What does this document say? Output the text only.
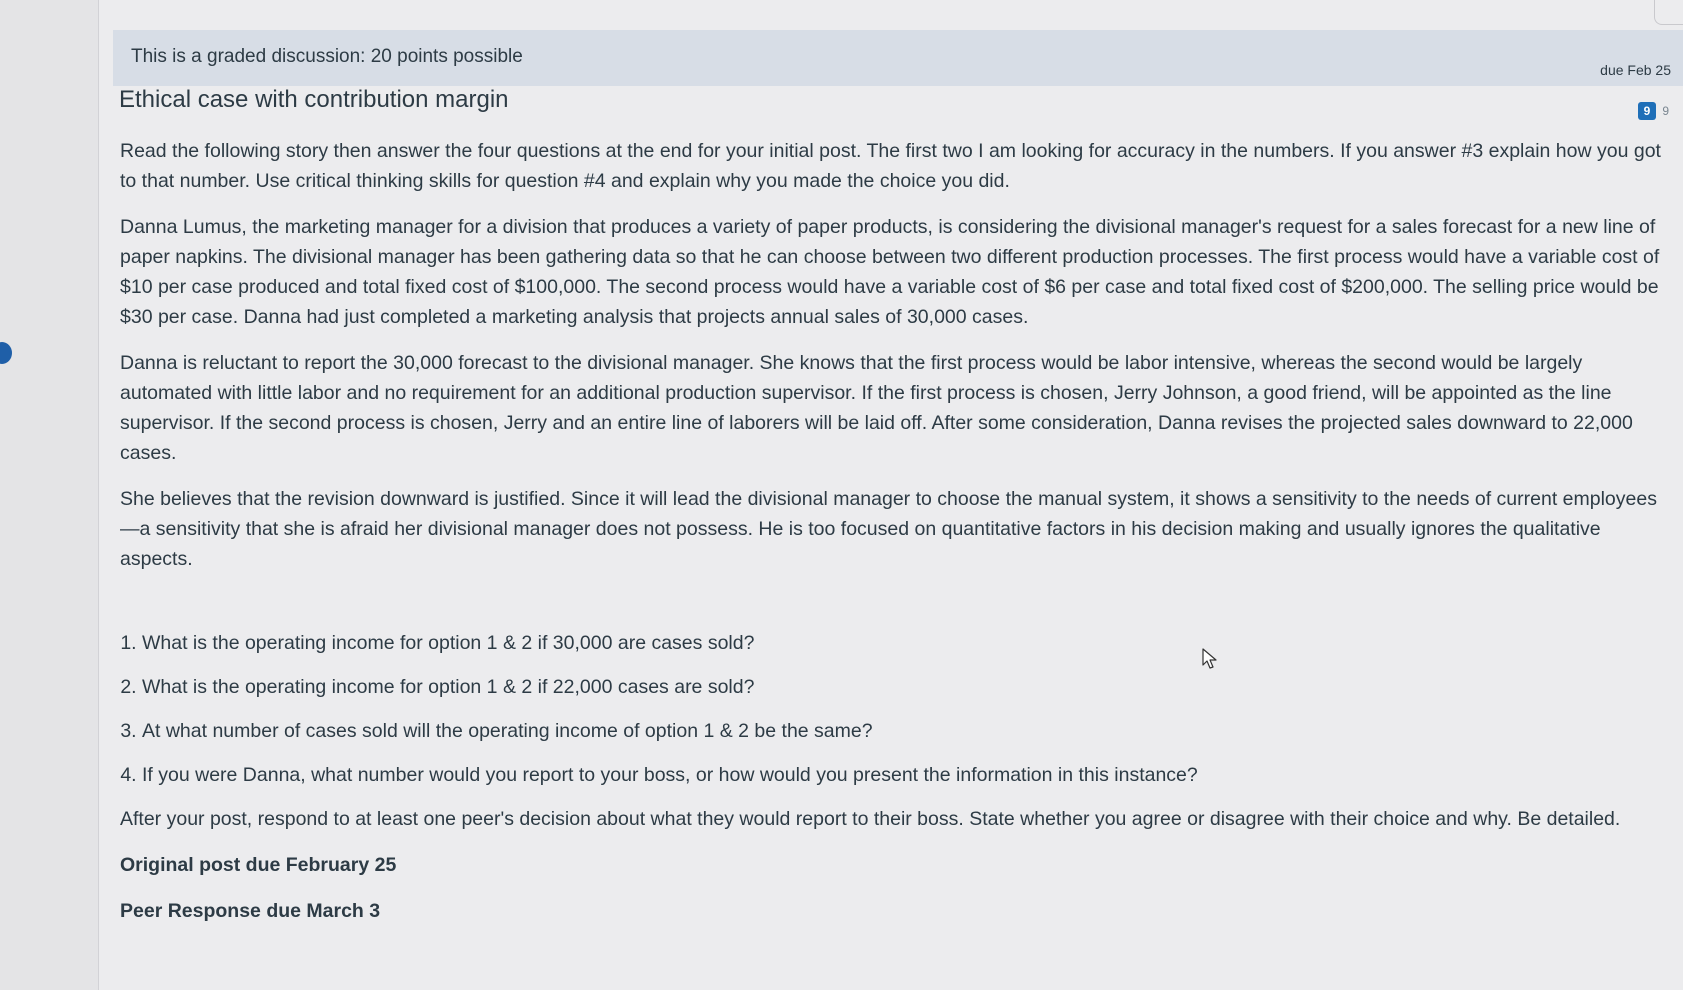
This is a graded discussion: 20 points possible
due Feb 25
Ethical case with contribution margin	9	9

Read the following story then answer the four questions at the end for your initial post. The first two I am looking for accuracy in the numbers. If you answer #3 explain how you got to that number. Use critical thinking skills for question #4 and explain why you made the choice you did.

Danna Lumus, the marketing manager for a division that produces a variety of paper products, is considering the divisional manager's request for a sales forecast for a new line of paper napkins. The divisional manager has been gathering data so that he can choose between two different production processes. The first process would have a variable cost of $10 per case produced and total fixed cost of $100,000. The second process would have a variable cost of $6 per case and total fixed cost of $200,000. The selling price would be $30 per case. Danna had just completed a marketing analysis that projects annual sales of 30,000 cases.

Danna is reluctant to report the 30,000 forecast to the divisional manager. She knows that the first process would be labor intensive, whereas the second would be largely automated with little labor and no requirement for an additional production supervisor. If the first process is chosen, Jerry Johnson, a good friend, will be appointed as the line supervisor. If the second process is chosen, Jerry and an entire line of laborers will be laid off. After some consideration, Danna revises the projected sales downward to 22,000 cases.

She believes that the revision downward is justified. Since it will lead the divisional manager to choose the manual system, it shows a sensitivity to the needs of current employees—a sensitivity that she is afraid her divisional manager does not possess. He is too focused on quantitative factors in his decision making and usually ignores the qualitative aspects.

1. What is the operating income for option 1 & 2 if 30,000 are cases sold?
2. What is the operating income for option 1 & 2 if 22,000 cases are sold?
3. At what number of cases sold will the operating income of option 1 & 2 be the same?
4. If you were Danna, what number would you report to your boss, or how would you present the information in this instance?

After your post, respond to at least one peer's decision about what they would report to their boss. State whether you agree or disagree with their choice and why. Be detailed.

Original post due February 25

Peer Response due March 3
